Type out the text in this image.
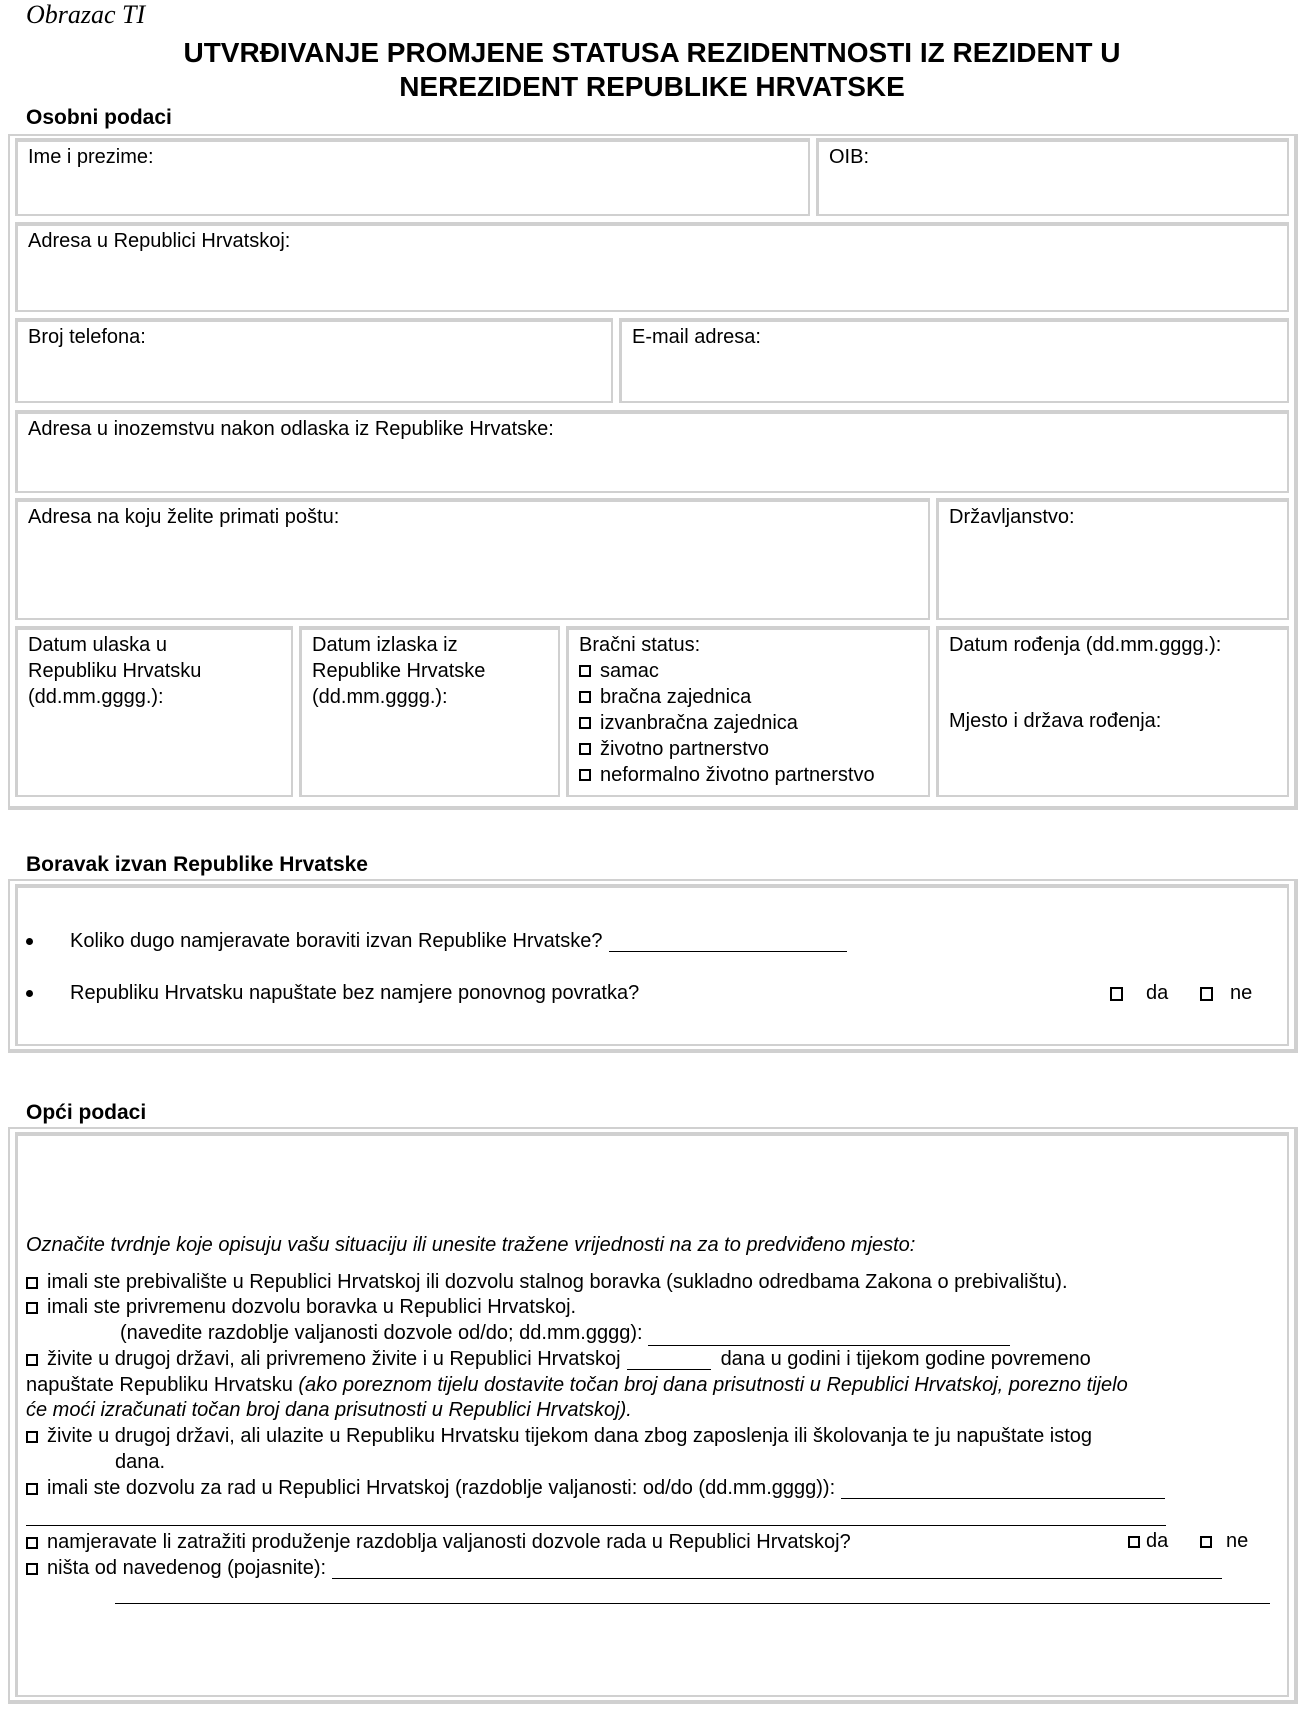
Obrazac TI
UTVRĐIVANJE PROMJENE STATUSA REZIDENTNOSTI IZ REZIDENT U
NEREZIDENT REPUBLIKE HRVATSKE
Osobni podaci
Ime i prezime:	OIB:
Adresa u Republici Hrvatskoj:
Broj telefona:	E-mail adresa:
Adresa u inozemstvu nakon odlaska iz Republike Hrvatske:
Adresa na koju želite primati poštu:	Državljanstvo:
Datum ulaska u
Republiku Hrvatsku
(dd.mm.gggg.):
Datum izlaska iz
Republike Hrvatske
(dd.mm.gggg.):
Bračni status:
samac
bračna zajednica
izvanbračna zajednica
životno partnerstvo
neformalno životno partnerstvo
Datum rođenja (dd.mm.gggg.):
Mjesto i država rođenja:
Boravak izvan Republike Hrvatske
Koliko dugo namjeravate boraviti izvan Republike Hrvatske?
Republiku Hrvatsku napuštate bez namjere ponovnog povratka?	da	ne
Opći podaci
Označite tvrdnje koje opisuju vašu situaciju ili unesite tražene vrijednosti na za to predviđeno mjesto:
imali ste prebivalište u Republici Hrvatskoj ili dozvolu stalnog boravka (sukladno odredbama Zakona o prebivalištu).
imali ste privremenu dozvolu boravka u Republici Hrvatskoj.
(navedite razdoblje valjanosti dozvole od/do; dd.mm.gggg):
živite u drugoj državi, ali privremeno živite i u Republici Hrvatskoj	dana u godini i tijekom godine povremeno
napuštate Republiku Hrvatsku (ako poreznom tijelu dostavite točan broj dana prisutnosti u Republici Hrvatskoj, porezno tijelo
će moći izračunati točan broj dana prisutnosti u Republici Hrvatskoj).
živite u drugoj državi, ali ulazite u Republiku Hrvatsku tijekom dana zbog zaposlenja ili školovanja te ju napuštate istog
dana.
imali ste dozvolu za rad u Republici Hrvatskoj (razdoblje valjanosti: od/do (dd.mm.gggg)):
namjeravate li zatražiti produženje razdoblja valjanosti dozvole rada u Republici Hrvatskoj?	da	ne
ništa od navedenog (pojasnite):
